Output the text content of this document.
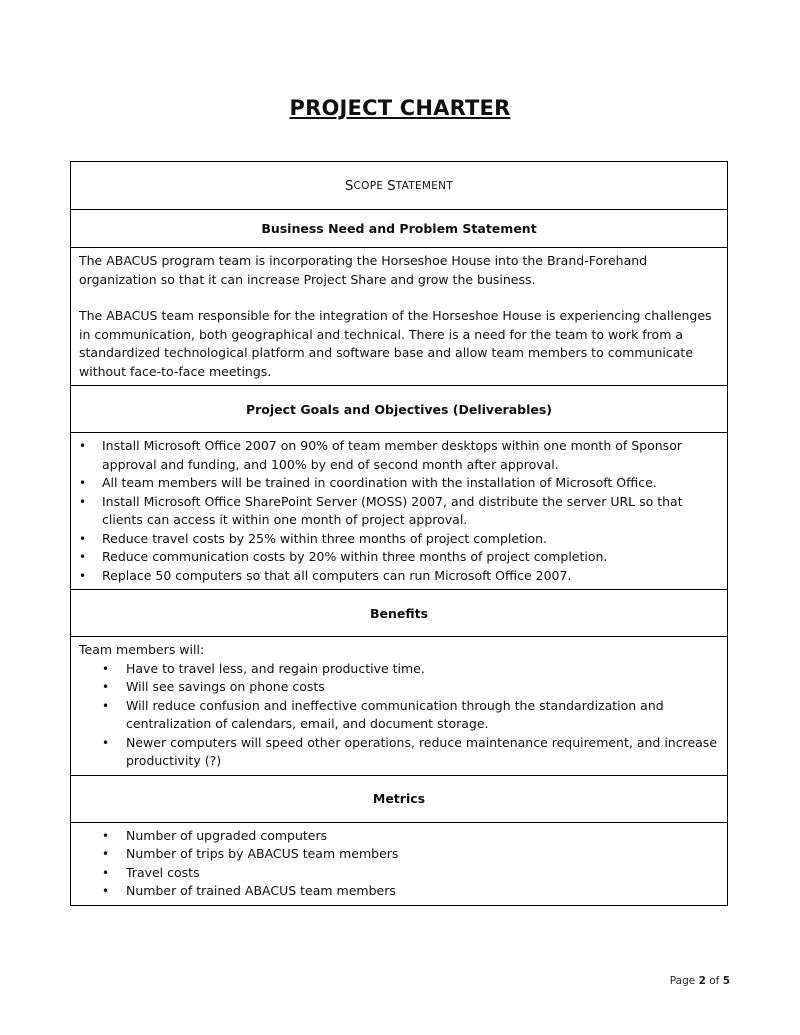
PROJECT CHARTER
S COPE
S TATEMENT
Business Need and Problem Statement

The ABACUS program team is incorporating the Horseshoe House into the Brand-Forehand organization so that it can increase Project Share and grow the business.

The ABACUS team responsible for the integration of the Horseshoe House is experiencing challenges in communication, both geographical and technical. There is a need for the team to work from a standardized technological platform and software base and allow team members to communicate without face-to-face meetings.

Project Goals and Objectives (Deliverables)
• Install Microsoft Office 2007 on 90% of team member desktops within one month of Sponsor approval and funding, and 100% by end of second month after approval.
• All team members will be trained in coordination with the installation of Microsoft Office.
• Install Microsoft Office SharePoint Server (MOSS) 2007, and distribute the server URL so that clients can access it within one month of project approval.
• Reduce travel costs by 25% within three months of project completion.
• Reduce communication costs by 20% within three months of project completion.
• Replace 50 computers so that all computers can run Microsoft Office 2007.
Benefits
Team members will:
• Have to travel less, and regain productive time.
• Will see savings on phone costs
• Will reduce confusion and ineffective communication through the standardization and centralization of calendars, email, and document storage.
• Newer computers will speed other operations, reduce maintenance requirement, and increase productivity (?)
Metrics
• Number of upgraded computers
• Number of trips by ABACUS team members
• Travel costs
• Number of trained ABACUS team members
Page 2 of 5
